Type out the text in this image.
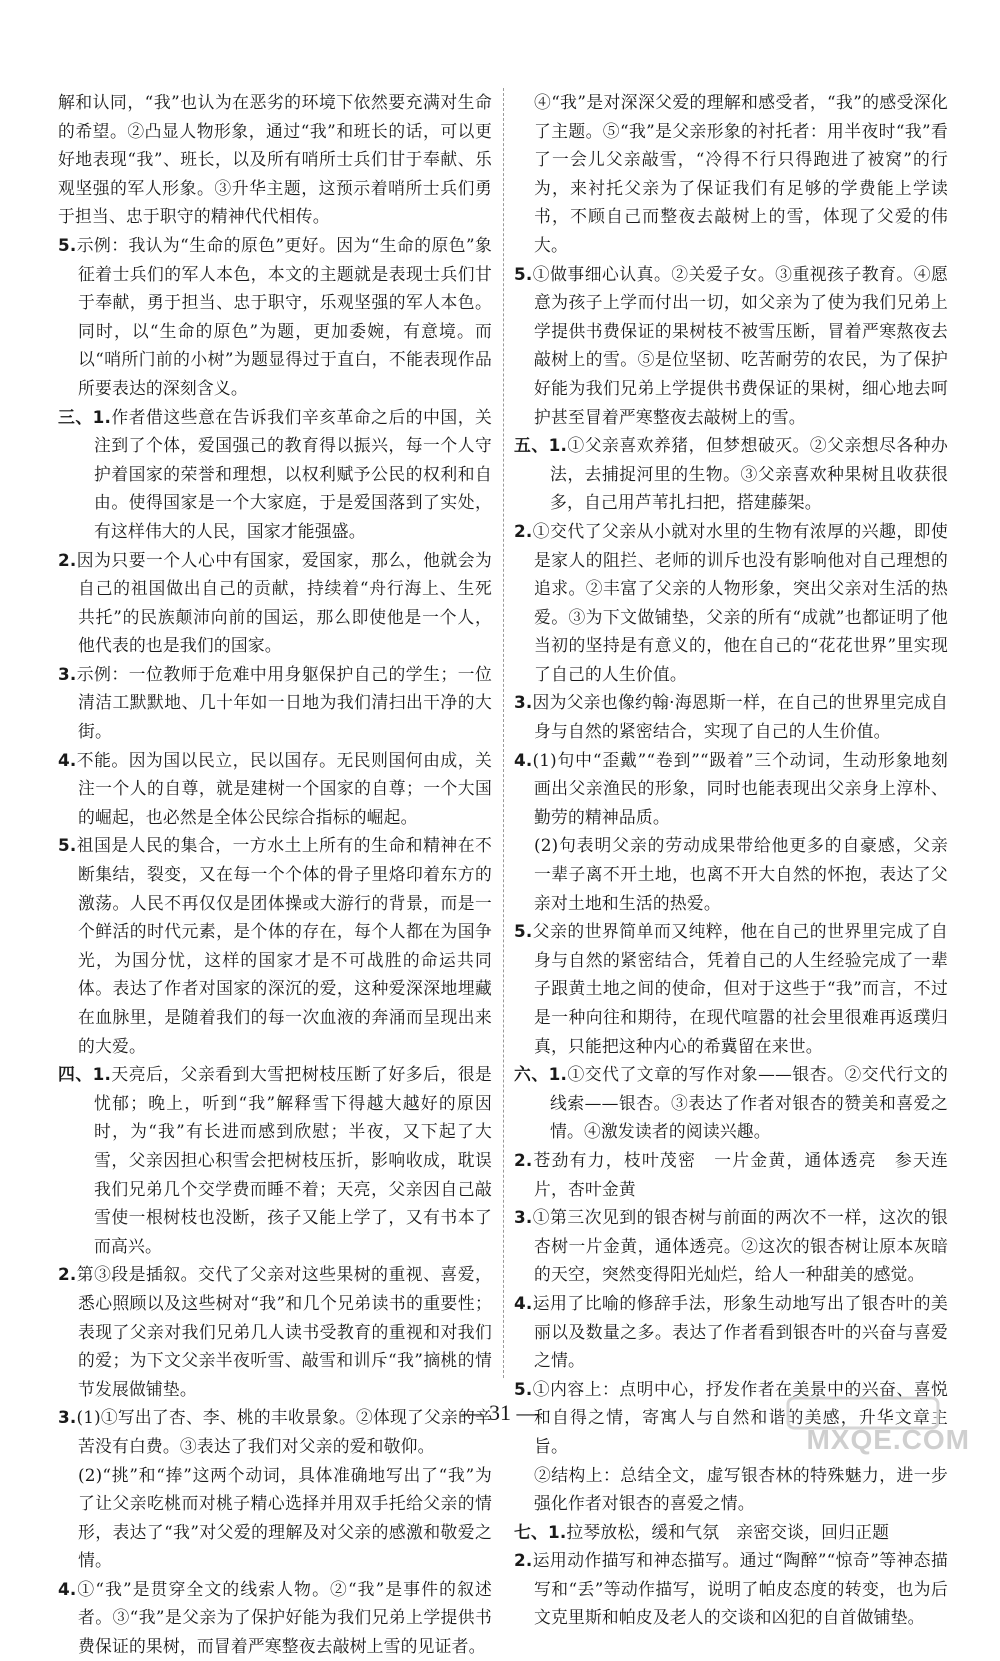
解和认同，“我”也认为在恶劣的环境下依然要充满对生命的希望。②凸显人物形象，通过“我”和班长的话，可以更好地表现“我”、班长，以及所有哨所士兵们甘于奉献、乐观坚强的军人形象。③升华主题，这预示着哨所士兵们勇于担当、忠于职守的精神代代相传。

5.示例：我认为“生命的原色”更好。因为“生命的原色”象征着士兵们的军人本色，本文的主题就是表现士兵们甘于奉献，勇于担当、忠于职守，乐观坚强的军人本色。同时，以“生命的原色”为题，更加委婉，有意境。而以“哨所门前的小树”为题显得过于直白，不能表现作品所要表达的深刻含义。

三、1.作者借这些意在告诉我们辛亥革命之后的中国，关注到了个体，爱国强己的教育得以振兴，每一个人守护着国家的荣誉和理想，以权利赋予公民的权利和自由。使得国家是一个大家庭，于是爱国落到了实处，有这样伟大的人民，国家才能强盛。

2.因为只要一个人心中有国家，爱国家，那么，他就会为自己的祖国做出自己的贡献，持续着“舟行海上、生死共托”的民族颠沛向前的国运，那么即使他是一个人，他代表的也是我们的国家。

3.示例：一位教师于危难中用身躯保护自己的学生；一位清洁工默默地、几十年如一日地为我们清扫出干净的大街。

4.不能。因为国以民立，民以国存。无民则国何由成，关注一个人的自尊，就是建树一个国家的自尊；一个大国的崛起，也必然是全体公民综合指标的崛起。

5.祖国是人民的集合，一方水土上所有的生命和精神在不断集结，裂变，又在每一个个体的骨子里烙印着东方的激荡。人民不再仅仅是团体操或大游行的背景，而是一个鲜活的时代元素，是个体的存在，每个人都在为国争光，为国分忧，这样的国家才是不可战胜的命运共同体。表达了作者对国家的深沉的爱，这种爱深深地埋藏在血脉里，是随着我们的每一次血液的奔涌而呈现出来的大爱。

四、1.天亮后，父亲看到大雪把树枝压断了好多后，很是忧郁；晚上，听到“我”解释雪下得越大越好的原因时，为“我”有长进而感到欣慰；半夜，又下起了大雪，父亲因担心积雪会把树枝压折，影响收成，耽误我们兄弟几个交学费而睡不着；天亮，父亲因自己敲雪使一根树枝也没断，孩子又能上学了，又有书本了而高兴。

2.第③段是插叙。交代了父亲对这些果树的重视、喜爱，悉心照顾以及这些树对“我”和几个兄弟读书的重要性；表现了父亲对我们兄弟几人读书受教育的重视和对我们的爱；为下文父亲半夜听雪、敲雪和训斥“我”摘桃的情节发展做铺垫。

3.(1)①写出了杏、李、桃的丰收景象。②体现了父亲的辛苦没有白费。③表达了我们对父亲的爱和敬仰。

(2)“挑”和“捧”这两个动词，具体准确地写出了“我”为了让父亲吃桃而对桃子精心选择并用双手托给父亲的情形，表达了“我”对父爱的理解及对父亲的感激和敬爱之情。

4.①“我”是贯穿全文的线索人物。②“我”是事件的叙述者。③“我”是父亲为了保护好能为我们兄弟上学提供书费保证的果树，而冒着严寒整夜去敲树上雪的见证者。

④“我”是对深深父爱的理解和感受者，“我”的感受深化了主题。⑤“我”是父亲形象的衬托者：用半夜时“我”看了一会儿父亲敲雪，“冷得不行只得跑进了被窝”的行为，来衬托父亲为了保证我们有足够的学费能上学读书，不顾自己而整夜去敲树上的雪，体现了父爱的伟大。

5.①做事细心认真。②关爱子女。③重视孩子教育。④愿意为孩子上学而付出一切，如父亲为了使为我们兄弟上学提供书费保证的果树枝不被雪压断，冒着严寒熬夜去敲树上的雪。⑤是位坚韧、吃苦耐劳的农民，为了保护好能为我们兄弟上学提供书费保证的果树，细心地去呵护甚至冒着严寒整夜去敲树上的雪。

五、1.①父亲喜欢养猪，但梦想破灭。②父亲想尽各种办法，去捕捉河里的生物。③父亲喜欢种果树且收获很多，自己用芦苇扎扫把，搭建藤架。

2.①交代了父亲从小就对水里的生物有浓厚的兴趣，即使是家人的阻拦、老师的训斥也没有影响他对自己理想的追求。②丰富了父亲的人物形象，突出父亲对生活的热爱。③为下文做铺垫，父亲的所有“成就”也都证明了他当初的坚持是有意义的，他在自己的“花花世界”里实现了自己的人生价值。

3.因为父亲也像约翰·海恩斯一样，在自己的世界里完成自身与自然的紧密结合，实现了自己的人生价值。

4.(1)句中“歪戴”“卷到”“趿着”三个动词，生动形象地刻画出父亲渔民的形象，同时也能表现出父亲身上淳朴、勤劳的精神品质。

(2)句表明父亲的劳动成果带给他更多的自豪感，父亲一辈子离不开土地，也离不开大自然的怀抱，表达了父亲对土地和生活的热爱。

5.父亲的世界简单而又纯粹，他在自己的世界里完成了自身与自然的紧密结合，凭着自己的人生经验完成了一辈子跟黄土地之间的使命，但对于这些于“我”而言，不过是一种向往和期待，在现代喧嚣的社会里很难再返璞归真，只能把这种内心的希冀留在来世。

六、1.①交代了文章的写作对象——银杏。②交代行文的线索——银杏。③表达了作者对银杏的赞美和喜爱之情。④激发读者的阅读兴趣。

2.苍劲有力，枝叶茂密　一片金黄，通体透亮　参天连片，杏叶金黄

3.①第三次见到的银杏树与前面的两次不一样，这次的银杏树一片金黄，通体透亮。②这次的银杏树让原本灰暗的天空，突然变得阳光灿烂，给人一种甜美的感觉。

4.运用了比喻的修辞手法，形象生动地写出了银杏叶的美丽以及数量之多。表达了作者看到银杏叶的兴奋与喜爱之情。

5.①内容上：点明中心，抒发作者在美景中的兴奋、喜悦和自得之情，寄寓人与自然和谐的美感，升华文章主旨。

②结构上：总结全文，虚写银杏林的特殊魅力，进一步强化作者对银杏的喜爱之情。

七、1.拉琴放松，缓和气氛　亲密交谈，回归正题

2.运用动作描写和神态描写。通过“陶醉”“惊奇”等神态描写和“丢”等动作描写，说明了帕皮态度的转变，也为后文克里斯和帕皮及老人的交谈和凶犯的自首做铺垫。

— 31 —
MXQE.COM
